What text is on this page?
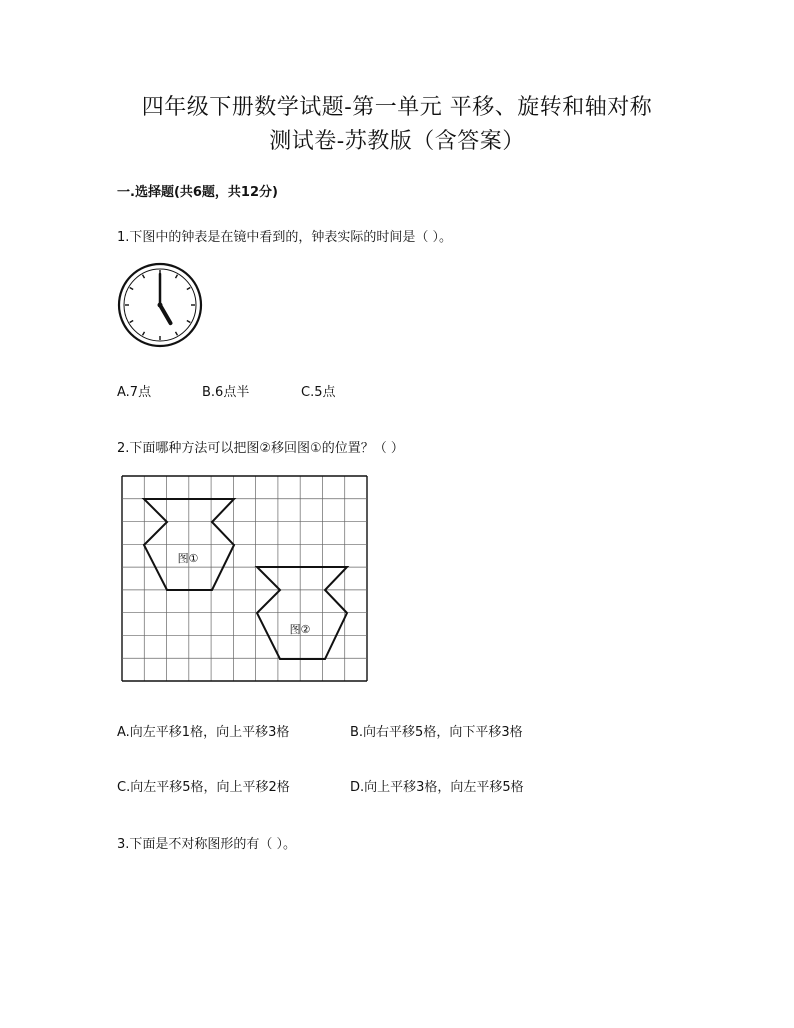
四年级下册数学试题-第一单元 平移、旋转和轴对称
测试卷-苏教版（含答案）
一.选择题(共6题，共12分)
1.下图中的钟表是在镜中看到的，钟表实际的时间是（ ）。
A.7点	B.6点半	C.5点
2.下面哪种方法可以把图②移回图①的位置？（ ）
图①
图②
A.向左平移1格，向上平移3格	B.向右平移5格，向下平移3格
C.向左平移5格，向上平移2格	D.向上平移3格，向左平移5格
3.下面是不对称图形的有（ ）。
